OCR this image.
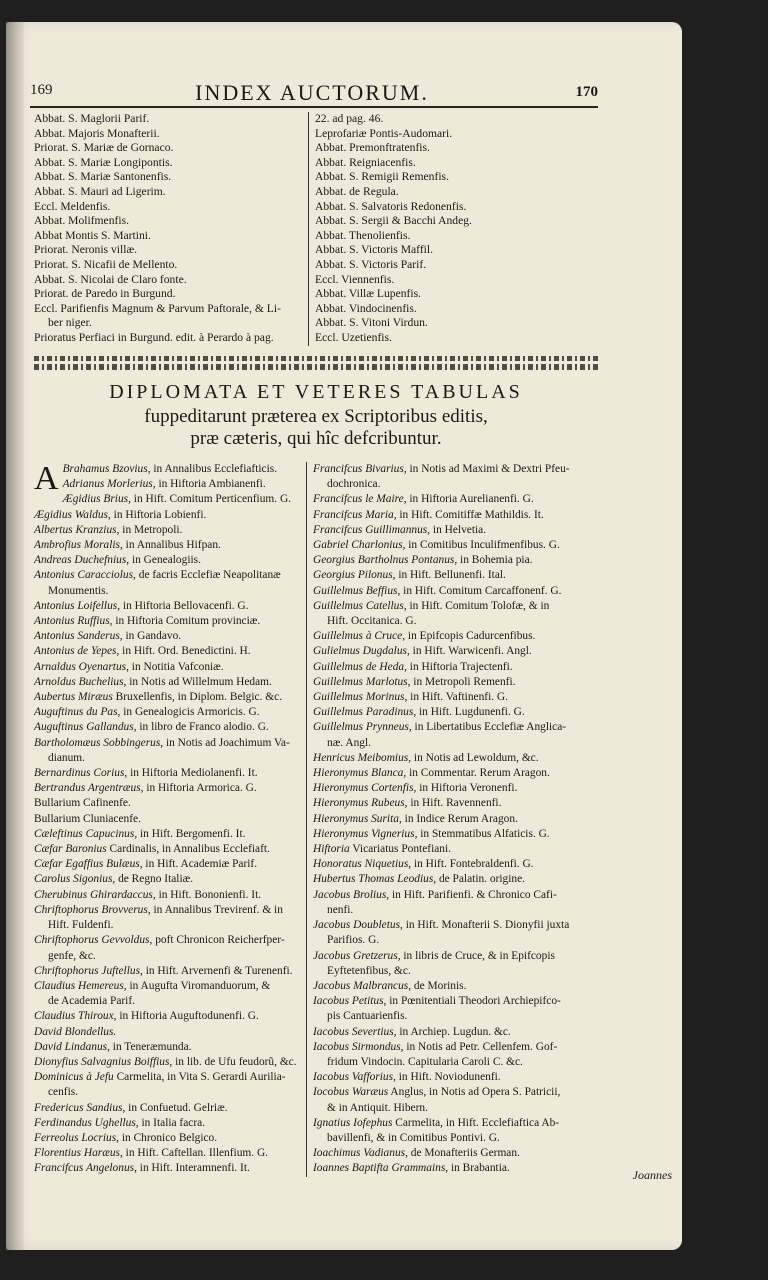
169	INDEX AUCTORUM.	170
Abbat. S. Maglorii Parif.
Abbat. Majoris Monafterii.
Priorat. S. Mariæ de Gornaco.
Abbat. S. Mariæ Longipontis.
Abbat. S. Mariæ Santonenfis.
Abbat. S. Mauri ad Ligerim.
Eccl. Meldenfis.
Abbat. Molifmenfis.
Abbat Montis S. Martini.
Priorat. Neronis villæ.
Priorat. S. Nicafii de Mellento.
Abbat. S. Nicolai de Claro fonte.
Priorat. de Paredo in Burgund.
Eccl. Parifienfis Magnum & Parvum Paftorale, & Li-
ber niger.
Prioratus Perfiaci in Burgund. edit. à Perardo à pag.
22. ad pag. 46.
Leprofariæ Pontis-Audomari.
Abbat. Premonftratenfis.
Abbat. Reigniacenfis.
Abbat. S. Remigii Remenfis.
Abbat. de Regula.
Abbat. S. Salvatoris Redonenfis.
Abbat. S. Sergii & Bacchi Andeg.
Abbat. Thenolienfis.
Abbat. S. Victoris Maffil.
Abbat. S. Victoris Parif.
Eccl. Viennenfis.
Abbat. Villæ Lupenfis.
Abbat. Vindocinenfis.
Abbat. S. Vitoni Virdun.
Eccl. Uzetienfis.
DIPLOMATA ET VETERES TABULAS
fuppeditarunt præterea ex Scriptoribus editis,
præ cæteris, qui hîc defcribuntur.
A Brahamus Bzovius, in Annalibus Ecclefiafticis.
Adrianus Morlerius, in Hiftoria Ambianenfi.
Ægidius Brius, in Hift. Comitum Perticenfium. G.
Ægidius Waldus, in Hiftoria Lobienfi.
Albertus Kranzius, in Metropoli.
Ambrofius Moralis, in Annalibus Hifpan.
Andreas Duchefnius, in Genealogiis.
Antonius Caracciolus, de facris Ecclefiæ Neapolitanæ
Monumentis.
Antonius Loifellus, in Hiftoria Bellovacenfi. G.
Antonius Ruffius, in Hiftoria Comitum provinciæ.
Antonius Sanderus, in Gandavo.
Antonius de Yepes, in Hift. Ord. Benedictini. H.
Arnaldus Oyenartus, in Notitia Vafconiæ.
Arnoldus Buchelius, in Notis ad Willelmum Hedam.
Aubertus Miræus Bruxellenfis, in Diplom. Belgic. &c.
Auguftinus du Pas, in Genealogicis Armoricis. G.
Auguftinus Gallandus, in libro de Franco alodio. G.
Bartholomæus Sobbingerus, in Notis ad Joachimum Va-
dianum.
Bernardinus Corius, in Hiftoria Mediolanenfi. It.
Bertrandus Argentræus, in Hiftoria Armorica. G.
Bullarium Cafinenfe.
Bullarium Cluniacenfe.
Cæleftinus Capucinus, in Hift. Bergomenfi. It.
Cæfar Baronius Cardinalis, in Annalibus Ecclefiaft.
Cæfar Egaffius Bulæus, in Hift. Academiæ Parif.
Carolus Sigonius, de Regno Italiæ.
Cherubinus Ghirardaccus, in Hift. Bononienfi. It.
Chriftophorus Brovverus, in Annalibus Trevirenf. & in
Hift. Fuldenfi.
Chriftophorus Gevvoldus, poft Chronicon Reicherfper-
genfe, &c.
Chriftophorus Juftellus, in Hift. Arvernenfi & Turenenfi.
Claudius Hemereus, in Augufta Viromanduorum, &
de Academia Parif.
Claudius Thiroux, in Hiftoria Auguftodunenfi. G.
David Blondellus.
David Lindanus, in Teneræmunda.
Dionyfius Salvagnius Boiffius, in lib. de Ufu feudorũ, &c.
Dominicus à Jefu Carmelita, in Vita S. Gerardi Aurilia-
cenfis.
Fredericus Sandius, in Confuetud. Gelriæ.
Ferdinandus Ughellus, in Italia facra.
Ferreolus Locrius, in Chronico Belgico.
Florentius Haræus, in Hift. Caftellan. Illenfium. G.
Francifcus Angelonus, in Hift. Interamnenfi. It.
Francifcus Bivarius, in Notis ad Maximi & Dextri Pfeu-
dochronica.
Francifcus le Maire, in Hiftoria Aurelianenfi. G.
Francifcus Maria, in Hift. Comitiffæ Mathildis. It.
Francifcus Guillimannus, in Helvetia.
Gabriel Charlonius, in Comitibus Inculifmenfibus. G.
Georgius Bartholnus Pontanus, in Bohemia pia.
Georgius Pilonus, in Hift. Bellunenfi. Ital.
Guillelmus Beffius, in Hift. Comitum Carcaffonenf. G.
Guillelmus Catellus, in Hift. Comitum Tolofæ, & in
Hift. Occitanica. G.
Guillelmus à Cruce, in Epifcopis Cadurcenfibus.
Gulielmus Dugdalus, in Hift. Warwicenfi. Angl.
Guillelmus de Heda, in Hiftoria Trajectenfi.
Guillelmus Marlotus, in Metropoli Remenfi.
Guillelmus Morinus, in Hift. Vaftinenfi. G.
Guillelmus Paradinus, in Hift. Lugdunenfi. G.
Guillelmus Prynneus, in Libertatibus Ecclefiæ Anglica-
næ. Angl.
Henricus Meibomius, in Notis ad Lewoldum, &c.
Hieronymus Blanca, in Commentar. Rerum Aragon.
Hieronymus Cortenfis, in Hiftoria Veronenfi.
Hieronymus Rubeus, in Hift. Ravennenfi.
Hieronymus Surita, in Indice Rerum Aragon.
Hieronymus Vignerius, in Stemmatibus Alfaticis. G.
Hiftoria Vicariatus Pontefiani.
Honoratus Niquetius, in Hift. Fontebraldenfi. G.
Hubertus Thomas Leodius, de Palatin. origine.
Jacobus Brolius, in Hift. Parifienfi. & Chronico Cafi-
nenfi.
Jacobus Doubletus, in Hift. Monafterii S. Dionyfii juxta
Parifios. G.
Jacobus Gretzerus, in libris de Cruce, & in Epifcopis
Eyftetenfibus, &c.
Jacobus Malbrancus, de Morinis.
Iacobus Petitus, in Pœnitentiali Theodori Archiepifco-
pis Cantuarienfis.
Iacobus Severtius, in Archiep. Lugdun. &c.
Iacobus Sirmondus, in Notis ad Petr. Cellenfem. Gof-
fridum Vindocin. Capitularia Caroli C. &c.
Iacobus Vafforius, in Hift. Noviodunenfi.
Iocobus Waræus Anglus, in Notis ad Opera S. Patricii,
& in Antiquit. Hibern.
Ignatius Iofephus Carmelita, in Hift. Ecclefiaftica Ab-
bavillenfi, & in Comitibus Pontivi. G.
Ioachimus Vadianus, de Monafteriis German.
Ioannes Baptifta Grammains, in Brabantia.	Joannes
